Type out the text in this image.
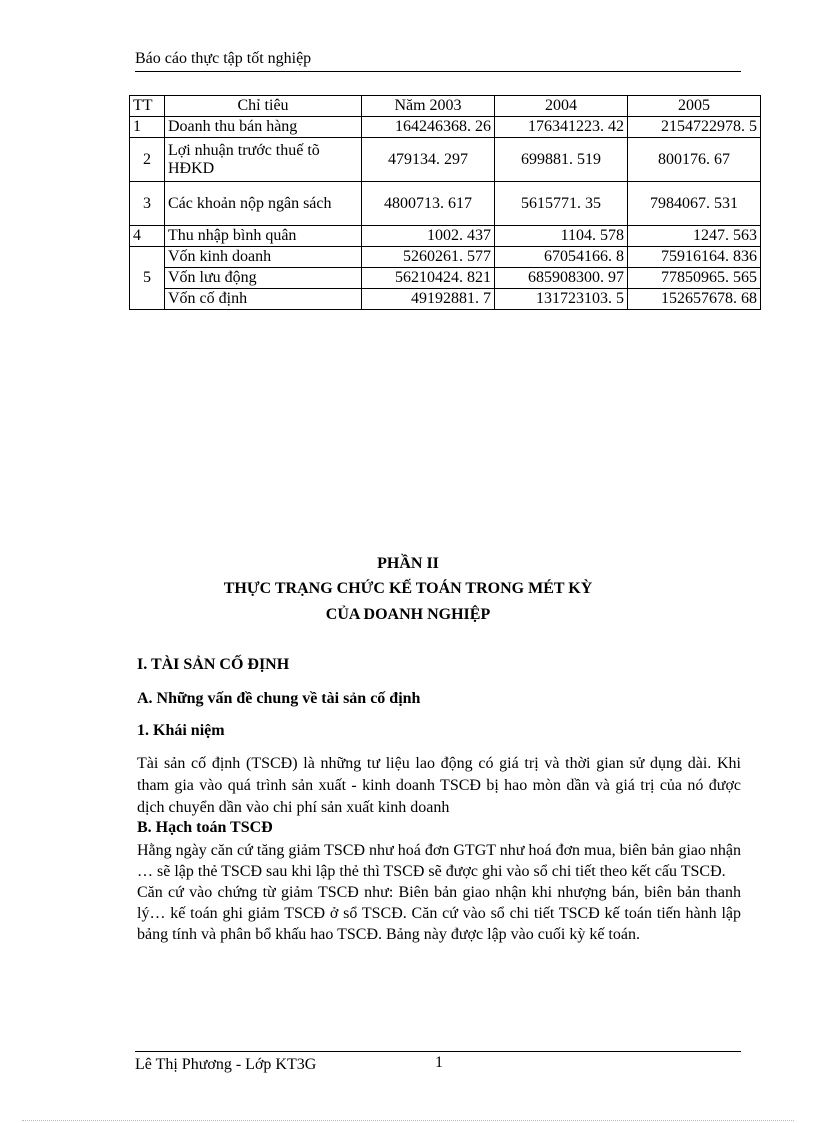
Báo cáo thực tập tốt nghiệp
TT	Chỉ tiêu	Năm 2003	2004	2005
1	Doanh thu bán hàng	164246368. 26	176341223. 42	2154722978. 5
2	Lợi nhuận trước thuế tõ HĐKD	479134. 297	699881. 519	800176. 67
3	Các khoản nộp ngân sách	4800713. 617	5615771. 35	7984067. 531
4	Thu nhập bình quân	1002. 437	1104. 578	1247. 563
5	Vốn kinh doanh	5260261. 577	67054166. 8	75916164. 836
	Vốn lưu động	56210424. 821	685908300. 97	77850965. 565
	Vốn cố định	49192881. 7	131723103. 5	152657678. 68
PHẦN II
THỰC TRẠNG CHỨC KẾ TOÁN TRONG MÉT KỲ
CỦA DOANH NGHIỆP
I. TÀI SẢN CỐ ĐỊNH
A. Những vấn đề chung về tài sản cố định
1. Khái niệm
Tài sản cố định (TSCĐ) là những tư liệu lao động có giá trị và thời gian sử dụng dài. Khi tham gia vào quá trình sản xuất - kinh doanh TSCĐ bị hao mòn dần và giá trị của nó được dịch chuyển dần vào chi phí sản xuất kinh doanh
B. Hạch toán TSCĐ
Hằng ngày căn cứ tăng giảm TSCĐ như hoá đơn GTGT như hoá đơn mua, biên bản giao nhận … sẽ lập thẻ TSCĐ sau khi lập thẻ thì TSCĐ sẽ được ghi vào sổ chi tiết theo kết cấu TSCĐ.
Căn cứ vào chứng từ giảm TSCĐ như: Biên bản giao nhận khi nhượng bán, biên bản thanh lý… kế toán ghi giảm TSCĐ ở sổ TSCĐ. Căn cứ vào sổ chi tiết TSCĐ kế toán tiến hành lập bảng tính và phân bổ khấu hao TSCĐ. Bảng này được lập vào cuối kỳ kế toán.
Lê Thị Phương - Lớp KT3G	1
